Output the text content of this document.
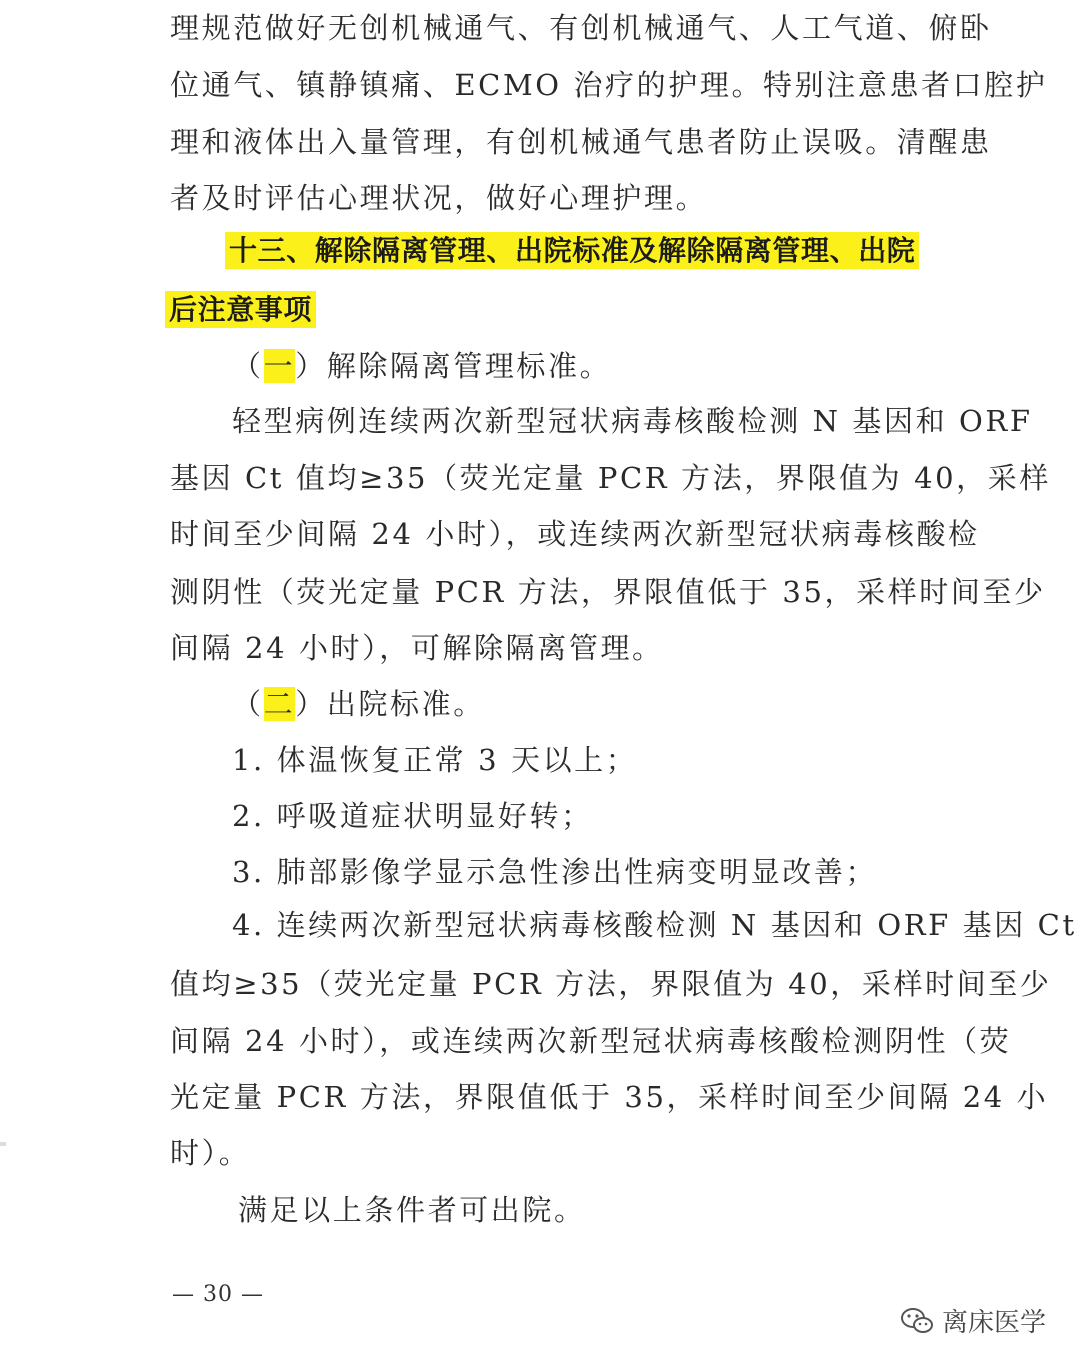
理规范做好无创机械通气、有创机械通气、人工气道、俯卧
位通气、镇静镇痛、ECMO 治疗的护理。特别注意患者口腔护
理和液体出入量管理，有创机械通气患者防止误吸。清醒患
者及时评估心理状况，做好心理护理。
十三、解除隔离管理、出院标准及解除隔离管理、出院
后注意事项
（一）解除隔离管理标准。
轻型病例连续两次新型冠状病毒核酸检测 N 基因和 ORF
基因 Ct 值均≥35（荧光定量 PCR 方法，界限值为 40，采样
时间至少间隔 24 小时），或连续两次新型冠状病毒核酸检
测阴性（荧光定量 PCR 方法，界限值低于 35，采样时间至少
间隔 24 小时），可解除隔离管理。
（二）出院标准。
1. 体温恢复正常 3 天以上；
2. 呼吸道症状明显好转；
3. 肺部影像学显示急性渗出性病变明显改善；
4. 连续两次新型冠状病毒核酸检测 N 基因和 ORF 基因 Ct
值均≥35（荧光定量 PCR 方法，界限值为 40，采样时间至少
间隔 24 小时），或连续两次新型冠状病毒核酸检测阴性（荧
光定量 PCR 方法，界限值低于 35，采样时间至少间隔 24 小
时）。
满足以上条件者可出院。
— 30 —
离床医学
